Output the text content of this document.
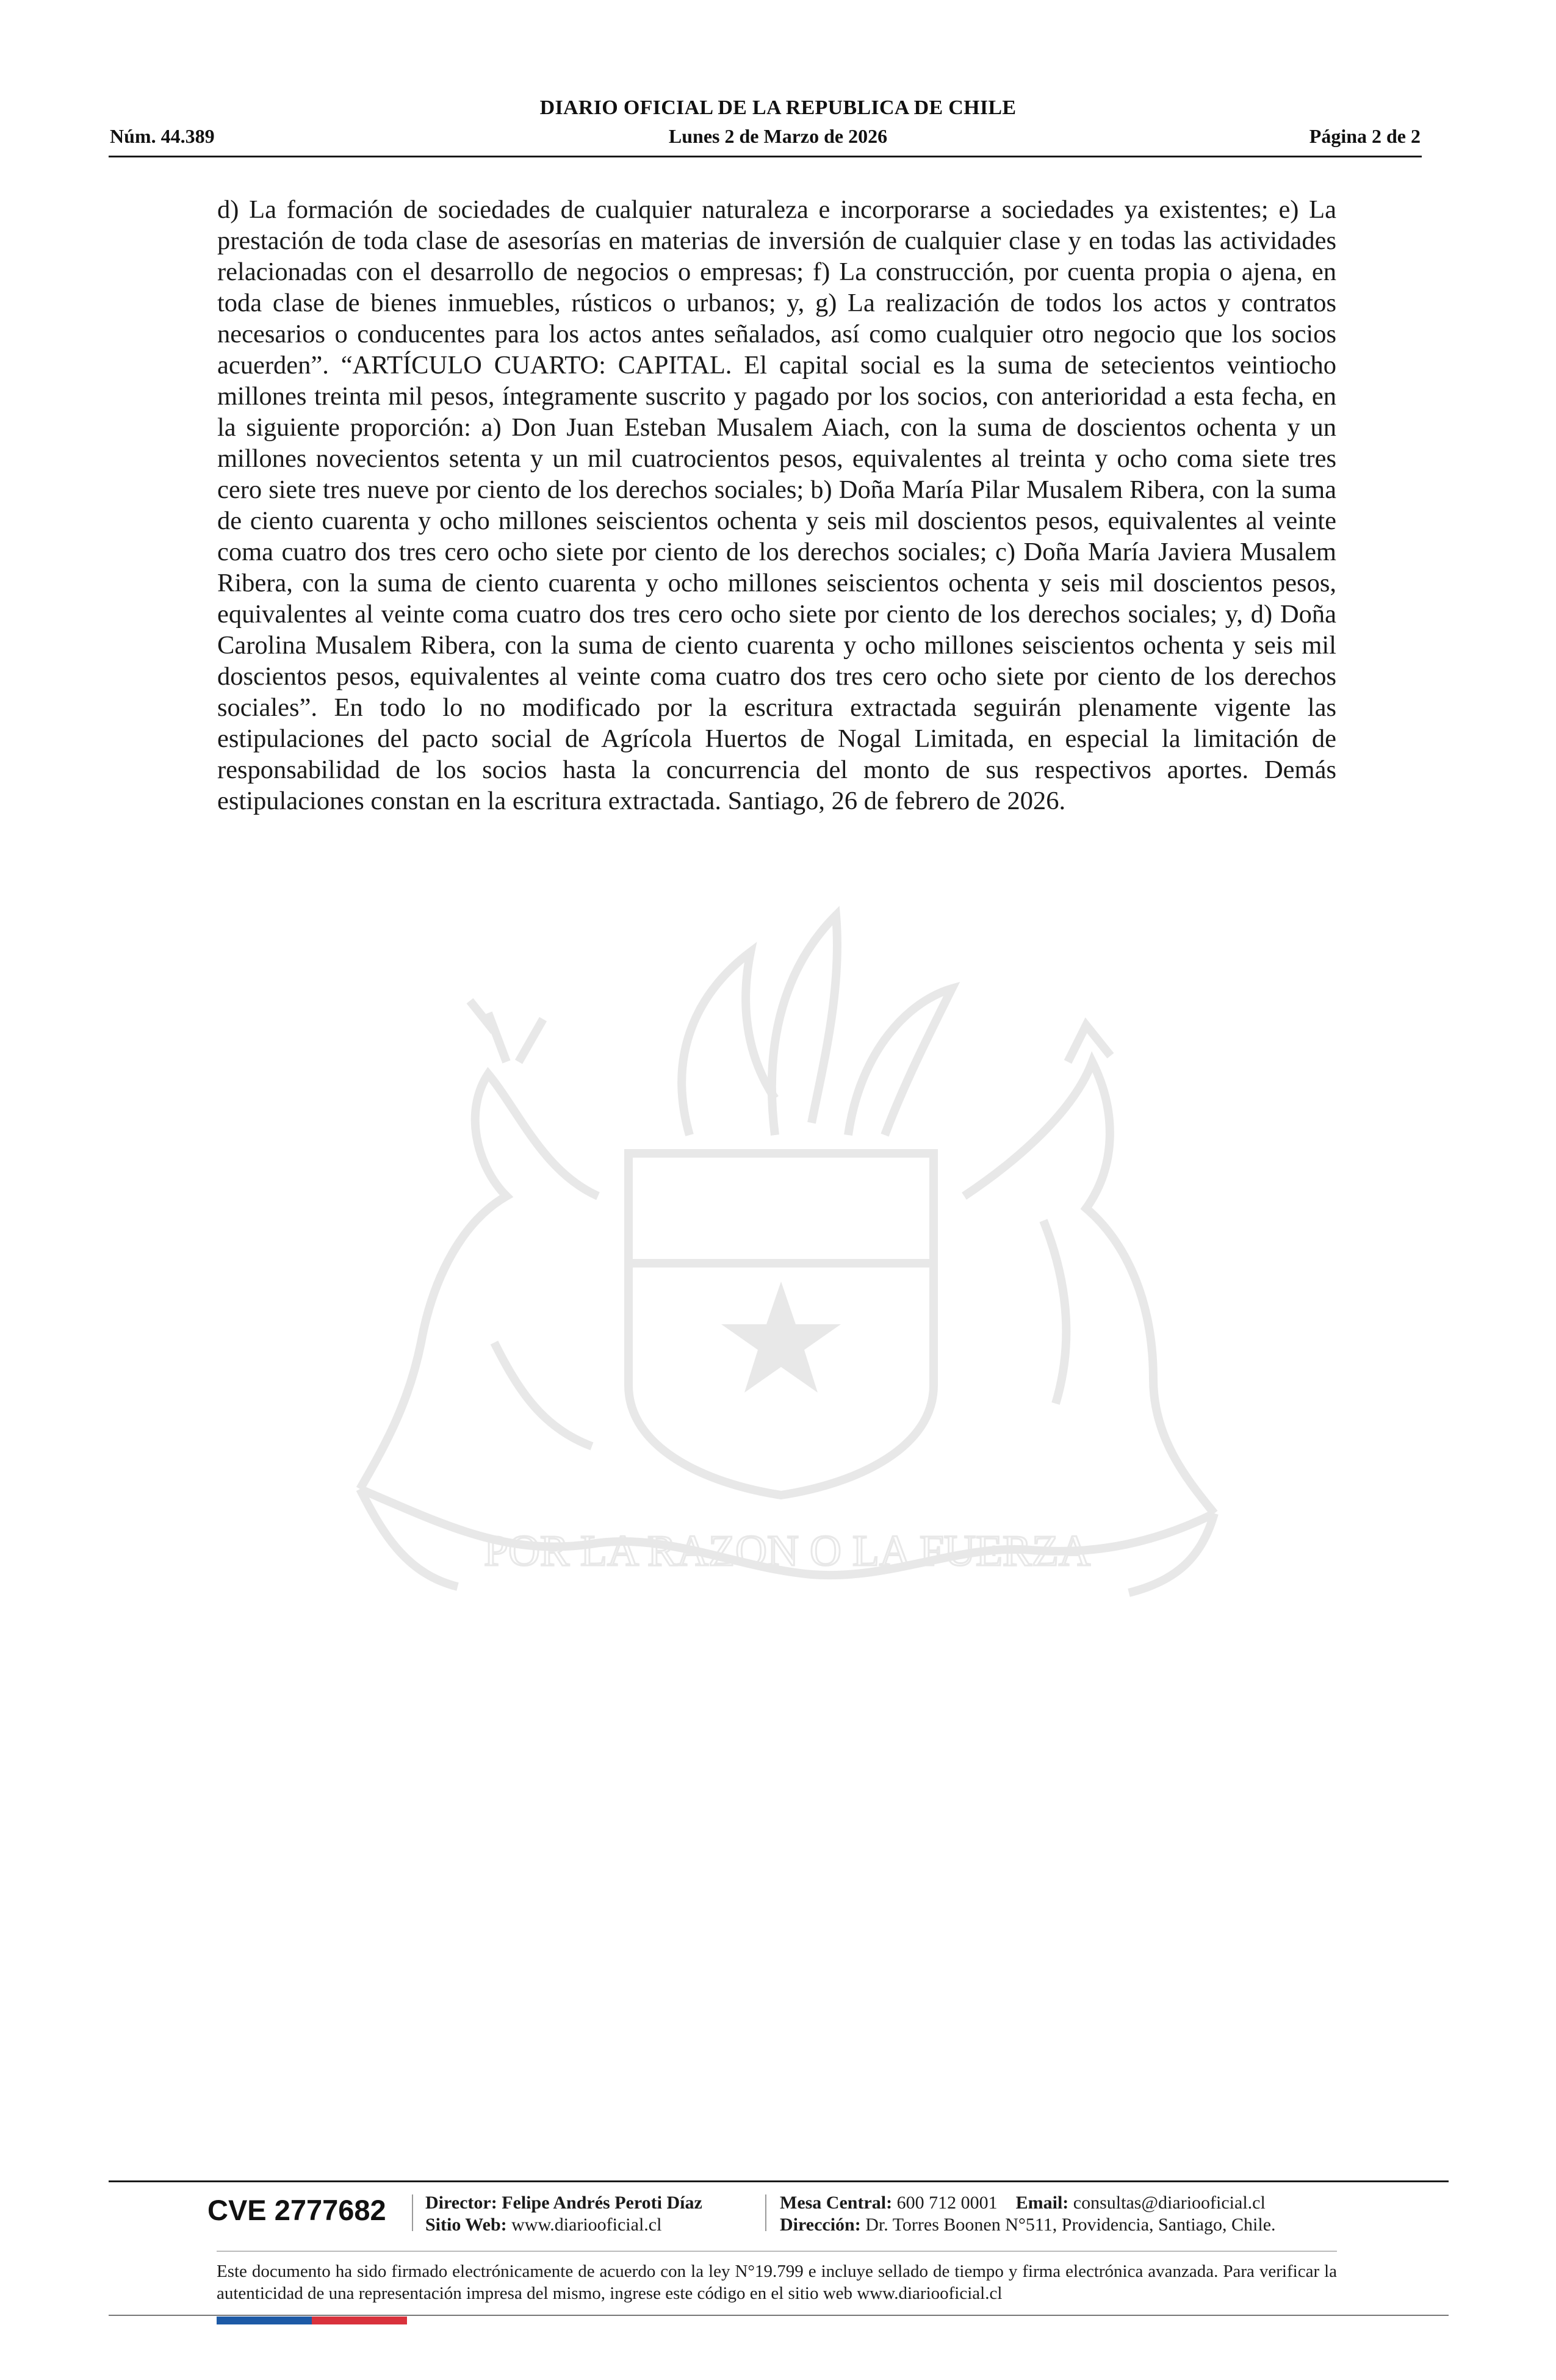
DIARIO OFICIAL DE LA REPUBLICA DE CHILE
Núm. 44.389	Lunes 2 de Marzo de 2026	Página 2 de 2
d) La formación de sociedades de cualquier naturaleza e incorporarse a sociedades ya existentes; e) La prestación de toda clase de asesorías en materias de inversión de cualquier clase y en todas las actividades relacionadas con el desarrollo de negocios o empresas; f) La construcción, por cuenta propia o ajena, en toda clase de bienes inmuebles, rústicos o urbanos; y, g) La realización de todos los actos y contratos necesarios o conducentes para los actos antes señalados, así como cualquier otro negocio que los socios acuerden”. “ARTÍCULO CUARTO: CAPITAL. El capital social es la suma de setecientos veintiocho millones treinta mil pesos, íntegramente suscrito y pagado por los socios, con anterioridad a esta fecha, en la siguiente proporción: a) Don Juan Esteban Musalem Aiach, con la suma de doscientos ochenta y un millones novecientos setenta y un mil cuatrocientos pesos, equivalentes al treinta y ocho coma siete tres cero siete tres nueve por ciento de los derechos sociales; b) Doña María Pilar Musalem Ribera, con la suma de ciento cuarenta y ocho millones seiscientos ochenta y seis mil doscientos pesos, equivalentes al veinte coma cuatro dos tres cero ocho siete por ciento de los derechos sociales; c) Doña María Javiera Musalem Ribera, con la suma de ciento cuarenta y ocho millones seiscientos ochenta y seis mil doscientos pesos, equivalentes al veinte coma cuatro dos tres cero ocho siete por ciento de los derechos sociales; y, d) Doña Carolina Musalem Ribera, con la suma de ciento cuarenta y ocho millones seiscientos ochenta y seis mil doscientos pesos, equivalentes al veinte coma cuatro dos tres cero ocho siete por ciento de los derechos sociales”. En todo lo no modificado por la escritura extractada seguirán plenamente vigente las estipulaciones del pacto social de Agrícola Huertos de Nogal Limitada, en especial la limitación de responsabilidad de los socios hasta la concurrencia del monto de sus respectivos aportes. Demás estipulaciones constan en la escritura extractada. Santiago, 26 de febrero de 2026.
POR LA RAZON O LA FUERZA
CVE 2777682 Director: Felipe Andrés Peroti Díaz
Sitio Web: www.diariooficial.cl
Mesa Central: 600 712 0001 Email: consultas@diariooficial.cl
Dirección: Dr. Torres Boonen N°511, Providencia, Santiago, Chile.
Este documento ha sido firmado electrónicamente de acuerdo con la ley N°19.799 e incluye sellado de tiempo y firma electrónica avanzada. Para verificar la autenticidad de una representación impresa del mismo, ingrese este código en el sitio web www.diariooficial.cl
